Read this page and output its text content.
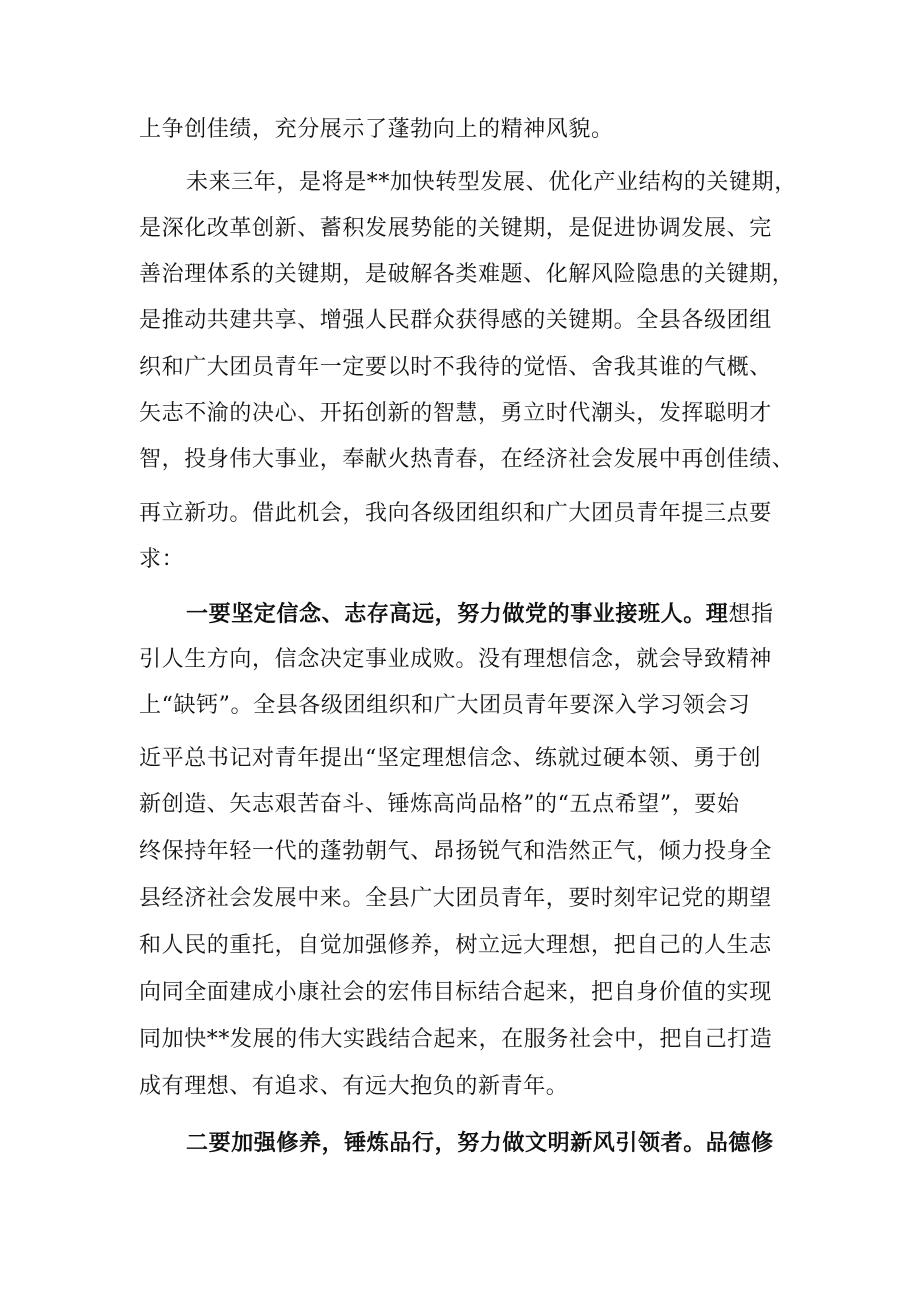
上争创佳绩，充分展示了蓬勃向上的精神风貌。
未来三年，是将是**加快转型发展、优化产业结构的关键期，
是深化改革创新、蓄积发展势能的关键期，是促进协调发展、完
善治理体系的关键期，是破解各类难题、化解风险隐患的关键期，
是推动共建共享、增强人民群众获得感的关键期。全县各级团组
织和广大团员青年一定要以时不我待的觉悟、舍我其谁的气概、
矢志不渝的决心、开拓创新的智慧，勇立时代潮头，发挥聪明才
智，投身伟大事业，奉献火热青春，在经济社会发展中再创佳绩、
再立新功。借此机会，我向各级团组织和广大团员青年提三点要
求：
一要坚定信念、志存高远，努力做党的事业接班人。理想指
引人生方向，信念决定事业成败。没有理想信念，就会导致精神
上“缺钙”。全县各级团组织和广大团员青年要深入学习领会习
近平总书记对青年提出“坚定理想信念、练就过硬本领、勇于创
新创造、矢志艰苦奋斗、锤炼高尚品格”的“五点希望”，要始
终保持年轻一代的蓬勃朝气、昂扬锐气和浩然正气，倾力投身全
县经济社会发展中来。全县广大团员青年，要时刻牢记党的期望
和人民的重托，自觉加强修养，树立远大理想，把自己的人生志
向同全面建成小康社会的宏伟目标结合起来，把自身价值的实现
同加快**发展的伟大实践结合起来，在服务社会中，把自己打造
成有理想、有追求、有远大抱负的新青年。
二要加强修养，锤炼品行，努力做文明新风引领者。品德修
